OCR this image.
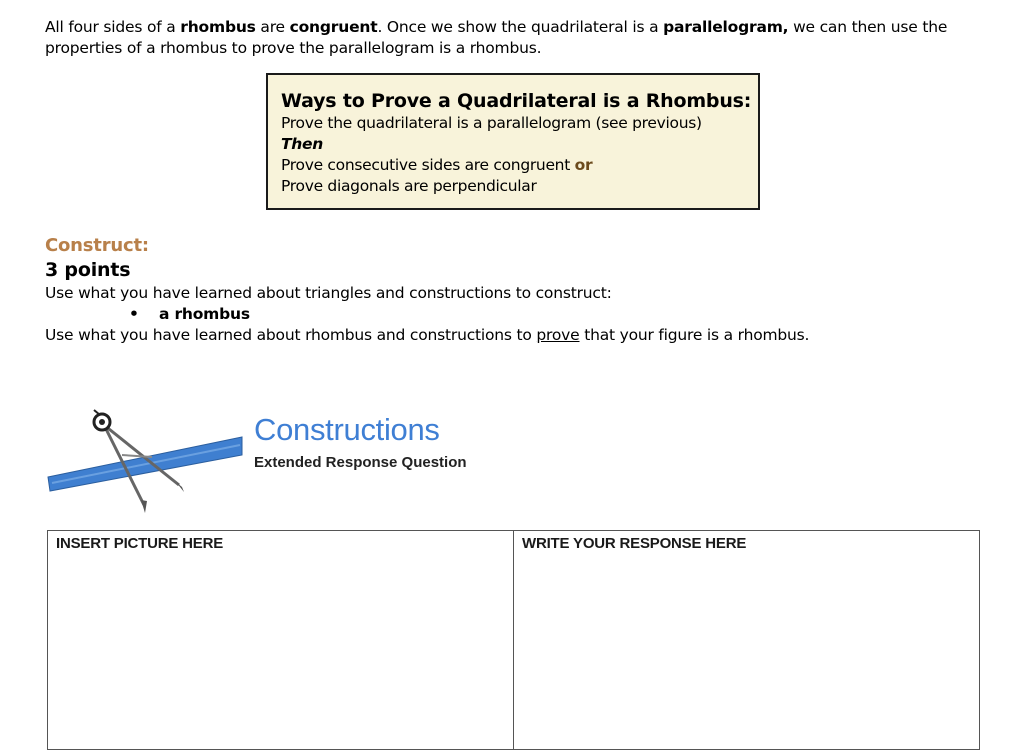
All four sides of a rhombus are congruent. Once we show the quadrilateral is a parallelogram, we can then use the properties of a rhombus to prove the parallelogram is a rhombus.
Ways to Prove a Quadrilateral is a Rhombus:
Prove the quadrilateral is a parallelogram (see previous)
Then
Prove consecutive sides are congruent or
Prove diagonals are perpendicular
Construct:
3 points
Use what you have learned about triangles and constructions to construct:
• a rhombus
Use what you have learned about rhombus and constructions to prove that your figure is a rhombus.
Constructions
Extended Response Question
INSERT PICTURE HERE	WRITE YOUR RESPONSE HERE
